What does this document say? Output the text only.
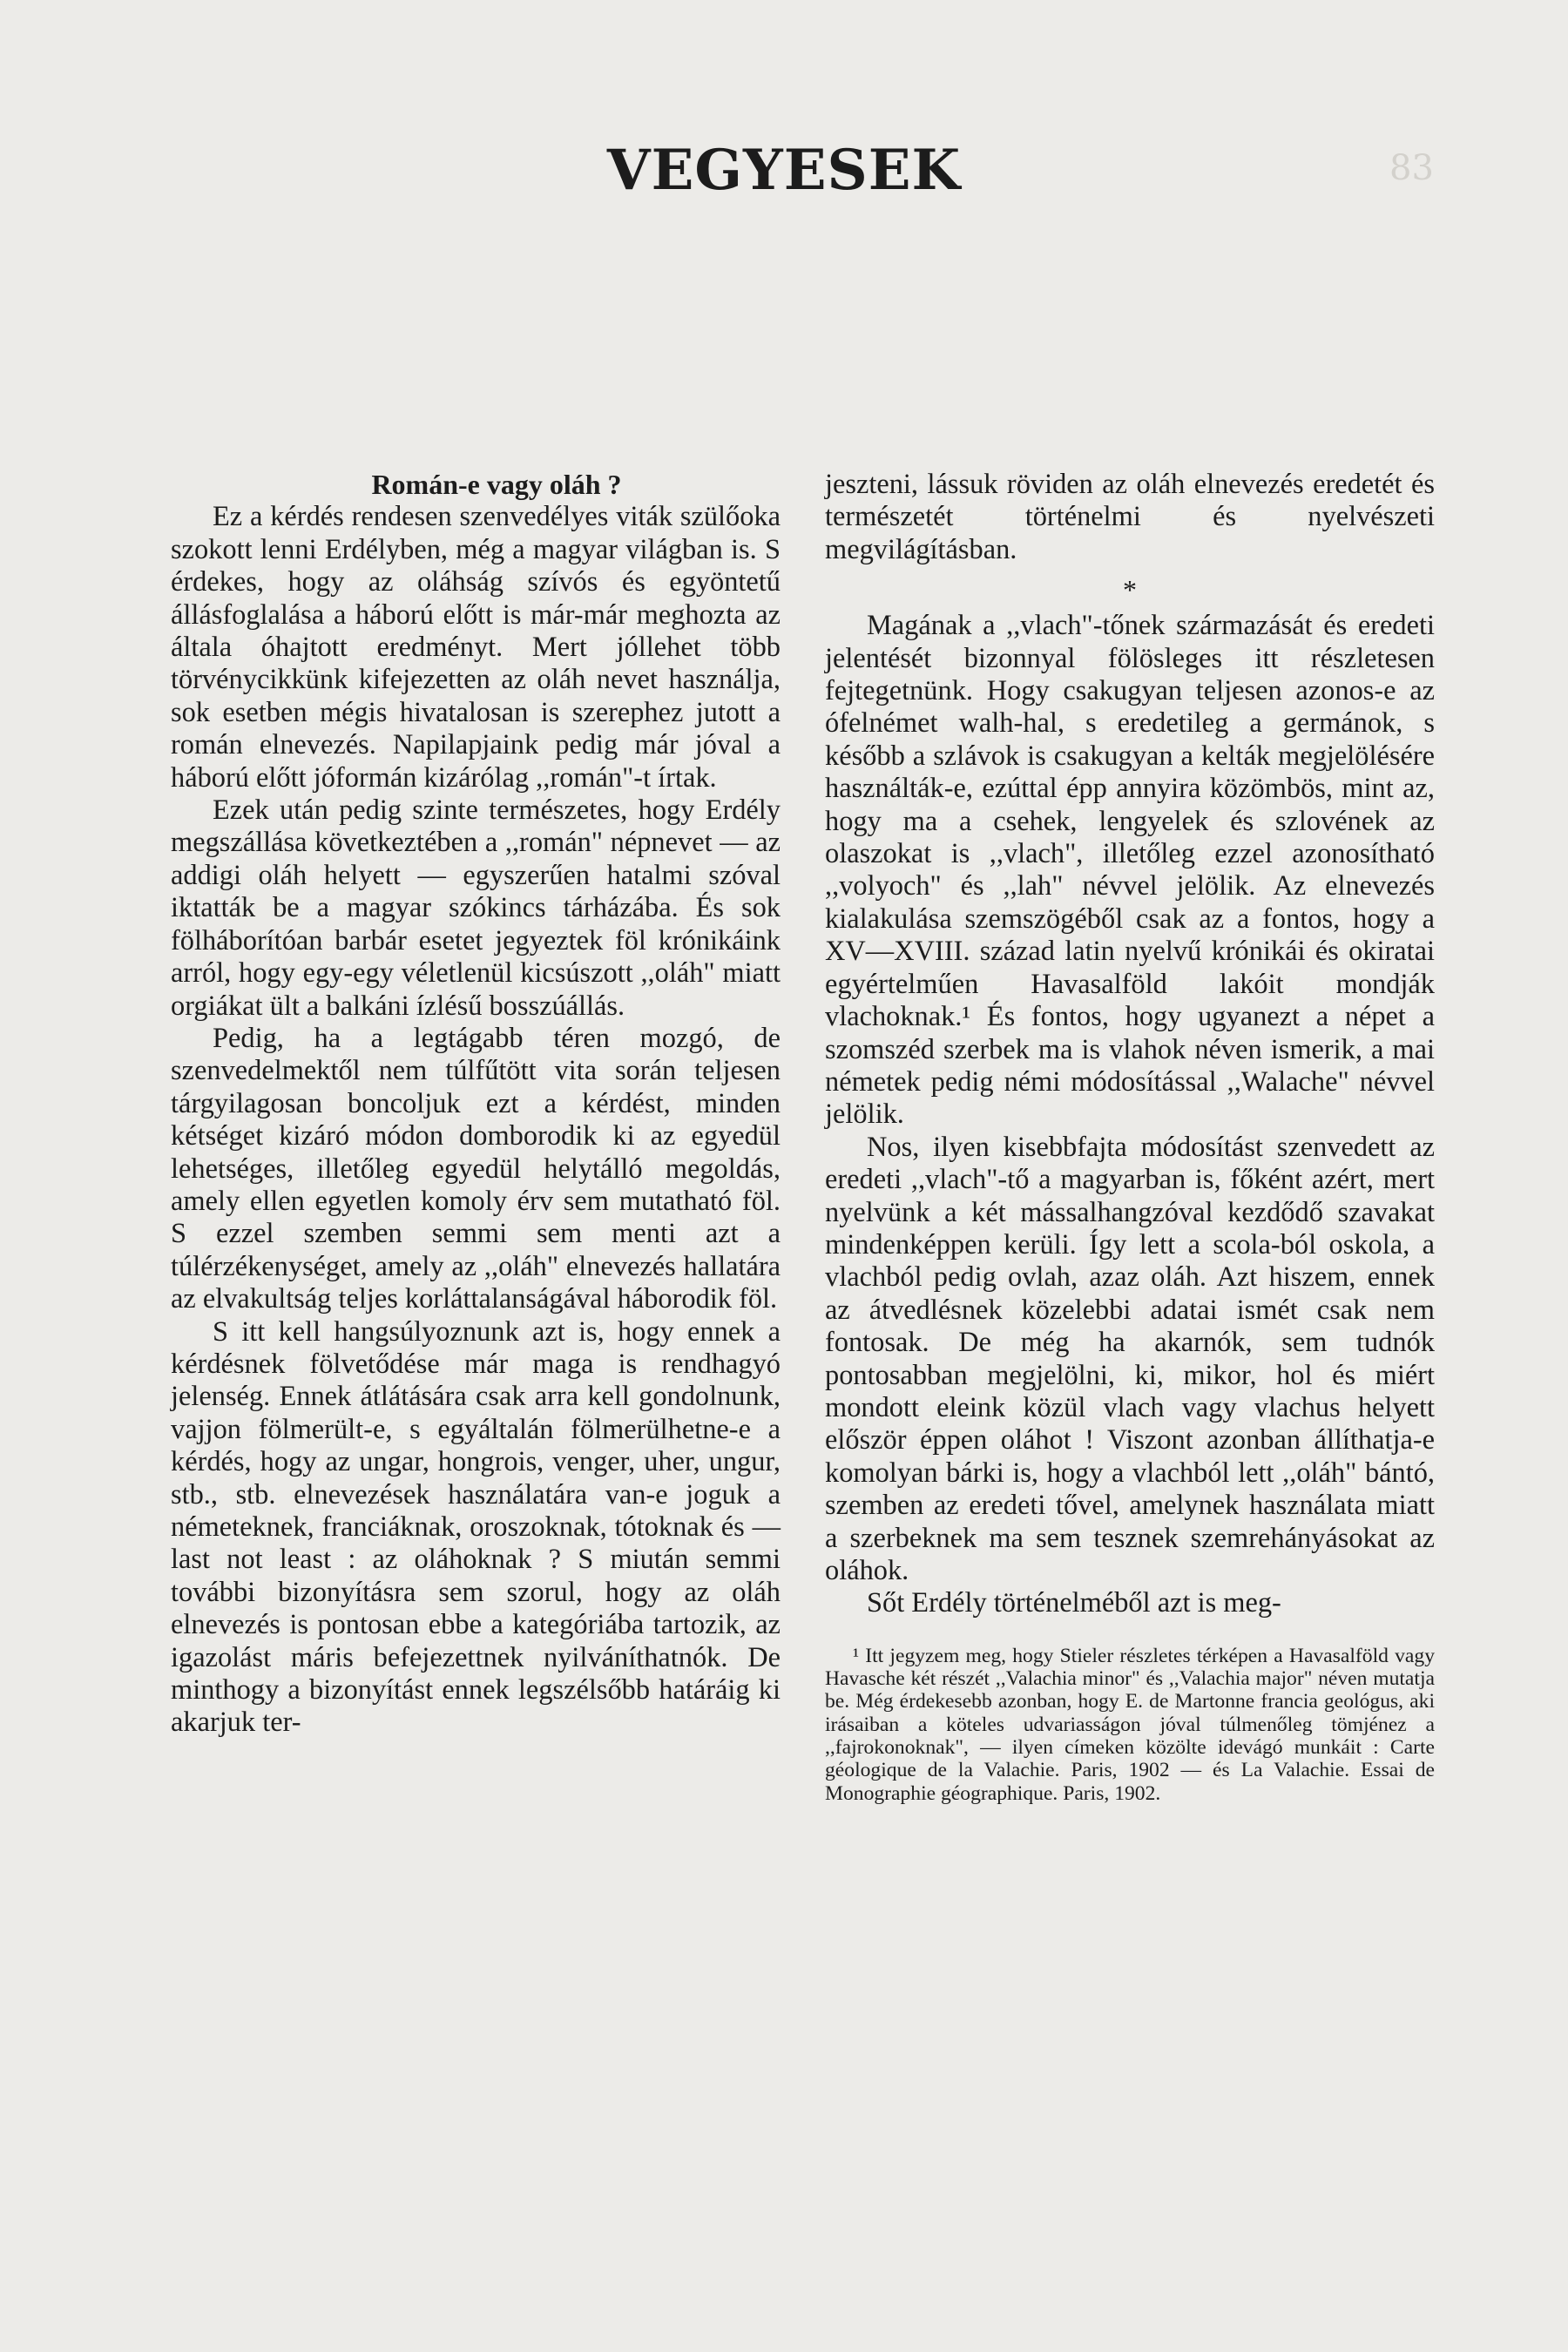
VEGYESEK	83

Román-e vagy oláh ?

Ez a kérdés rendesen szenvedélyes viták szülőoka szokott lenni Erdélyben, még a magyar világban is. S érdekes, hogy az oláhság szívós és egyöntetű állásfoglalása a háború előtt is már-már meghozta az általa óhajtott eredményt. Mert jóllehet több törvénycikkünk kifejezetten az oláh nevet használja, sok esetben mégis hivatalosan is szerephez jutott a román elnevezés. Napilapjaink pedig már jóval a háború előtt jóformán kizárólag ,,román"-t írtak.

Ezek után pedig szinte természetes, hogy Erdély megszállása következtében a ,,román" népnevet — az addigi oláh helyett — egyszerűen hatalmi szóval iktatták be a magyar szókincs tárházába. És sok fölháborítóan barbár esetet jegyeztek föl krónikáink arról, hogy egy-egy véletlenül kicsúszott ,,oláh" miatt orgiákat ült a balkáni ízlésű bosszúállás.

Pedig, ha a legtágabb téren mozgó, de szenvedelmektől nem túlfűtött vita során teljesen tárgyilagosan boncoljuk ezt a kérdést, minden kétséget kizáró módon domborodik ki az egyedül lehetséges, illetőleg egyedül helytálló megoldás, amely ellen egyetlen komoly érv sem mutatható föl. S ezzel szemben semmi sem menti azt a túlérzékenységet, amely az ,,oláh" elnevezés hallatára az elvakultság teljes korláttalanságával háborodik föl.

S itt kell hangsúlyoznunk azt is, hogy ennek a kérdésnek fölvetődése már maga is rendhagyó jelenség. Ennek átlátására csak arra kell gondolnunk, vajjon fölmerült-e, s egyáltalán fölmerülhetne-e a kérdés, hogy az ungar, hongrois, venger, uher, ungur, stb., stb. elnevezések használatára van-e joguk a németeknek, franciáknak, oroszoknak, tótoknak és — last not least : az oláhoknak ? S miután semmi további bizonyításra sem szorul, hogy az oláh elnevezés is pontosan ebbe a kategóriába tartozik, az igazolást máris befejezettnek nyilváníthatnók. De minthogy a bizonyítást ennek legszélsőbb határáig ki akarjuk ter-

jeszteni, lássuk röviden az oláh elnevezés eredetét és természetét történelmi és nyelvészeti megvilágításban.

*

Magának a ,,vlach"-tőnek származását és eredeti jelentését bizonnyal fölösleges itt részletesen fejtegetnünk. Hogy csakugyan teljesen azonos-e az ófelnémet walh-hal, s eredetileg a germánok, s később a szlávok is csakugyan a kelták megjelölésére használták-e, ezúttal épp annyira közömbös, mint az, hogy ma a csehek, lengyelek és szlovének az olaszokat is ,,vlach", illetőleg ezzel azonosítható ,,volyoch" és ,,lah" névvel jelölik. Az elnevezés kialakulása szemszögéből csak az a fontos, hogy a XV—XVIII. század latin nyelvű krónikái és okiratai egyértelműen Havasalföld lakóit mondják vlachoknak.¹ És fontos, hogy ugyanezt a népet a szomszéd szerbek ma is vlahok néven ismerik, a mai németek pedig némi módosítással ,,Walache" névvel jelölik.

Nos, ilyen kisebbfajta módosítást szenvedett az eredeti ,,vlach"-tő a magyarban is, főként azért, mert nyelvünk a két mássalhangzóval kezdődő szavakat mindenképpen kerüli. Így lett a scola-ból oskola, a vlachból pedig ovlah, azaz oláh. Azt hiszem, ennek az átvedlésnek közelebbi adatai ismét csak nem fontosak. De még ha akarnók, sem tudnók pontosabban megjelölni, ki, mikor, hol és miért mondott eleink közül vlach vagy vlachus helyett először éppen oláhot ! Viszont azonban állíthatja-e komolyan bárki is, hogy a vlachból lett ,,oláh" bántó, szemben az eredeti tővel, amelynek használata miatt a szerbeknek ma sem tesznek szemrehányásokat az oláhok.

Sőt Erdély történelméből azt is meg-

¹ Itt jegyzem meg, hogy Stieler részletes térképen a Havasalföld vagy Havasche két részét ,,Valachia minor" és ,,Valachia major" néven mutatja be. Még érdekesebb azonban, hogy E. de Martonne francia geológus, aki irásaiban a köteles udvariasságon jóval túlmenőleg tömjénez a ,,fajrokonoknak", — ilyen címeken közölte idevágó munkáit : Carte géologique de la Valachie. Paris, 1902 — és La Valachie. Essai de Monographie géographique. Paris, 1902.
